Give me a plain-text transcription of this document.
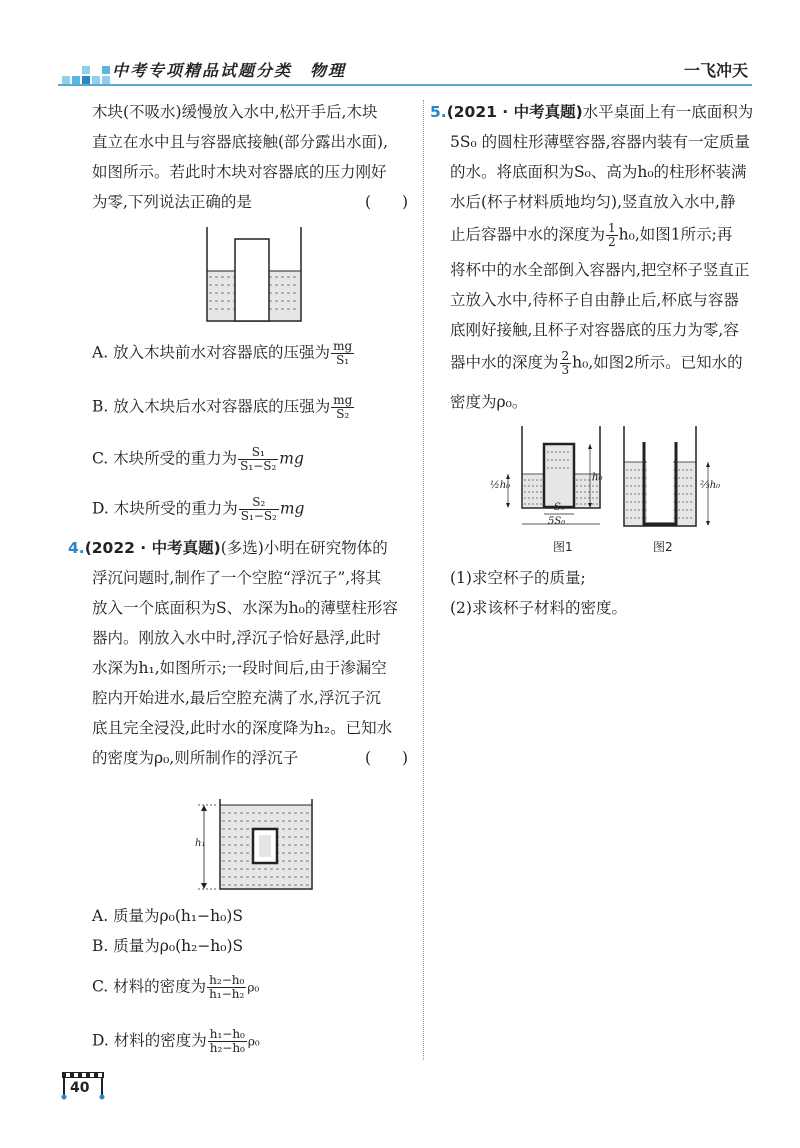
中考专项精品试题分类　物理	一飞冲天
木块(不吸水)缓慢放入水中,松开手后,木块
直立在水中且与容器底接触(部分露出水面),
如图所示。若此时木块对容器底的压力刚好
为零,下列说法正确的是	(　　)
A. 放入木块前水对容器底的压强为 $\frac{mg}{\text{S₁}}$
B. 放入木块后水对容器底的压强为 $\frac{mg}{\text{S₂}}$
C. 木块所受的重力为 $\frac{\text{S₁}}{\text{S₁−S₂}}$ mg
D. 木块所受的重力为 $\frac{\text{S₂}}{\text{S₁−S₂}}$ mg
4.(2022 · 中考真题)(多选)小明在研究物体的
浮沉问题时,制作了一个空腔“浮沉子”,将其
放入一个底面积为S、水深为h₀的薄壁柱形容
器内。刚放入水中时,浮沉子恰好悬浮,此时
水深为h₁,如图所示;一段时间后,由于渗漏空
腔内开始进水,最后空腔充满了水,浮沉子沉
底且完全浸没,此时水的深度降为h₂。已知水
的密度为ρ₀,则所制作的浮沉子	(　　)
h₁
A. 质量为ρ₀(h₁−h₀)S
B. 质量为ρ₀(h₂−h₀)S
C. 材料的密度为 $\frac{\text{h₂−h₀}}{\text{h₁−h₂}} \rho_0$
D. 材料的密度为 $\frac{\text{h₁−h₀}}{\text{h₂−h₀}} \rho_0$
40
5.(2021 · 中考真题)水平桌面上有一底面积为
5S₀ 的圆柱形薄壁容器,容器内装有一定质量
的水。将底面积为S₀、高为h₀的柱形杯装满
水后(杯子材料质地均匀),竖直放入水中,静
止后容器中水的深度为 $\frac{1}{2} h_0$,如图1所示;再
将杯中的水全部倒入容器内,把空杯子竖直正
立放入水中,待杯子自由静止后,杯底与容器
底刚好接触,且杯子对容器底的压力为零,容
器中水的深度为 $\frac{2}{3} h_0$,如图2所示。已知水的
密度为ρ₀。
h₀
½h₀
S₀
5S₀
图1
⅔h₀
图2
(1)求空杯子的质量;
(2)求该杯子材料的密度。
